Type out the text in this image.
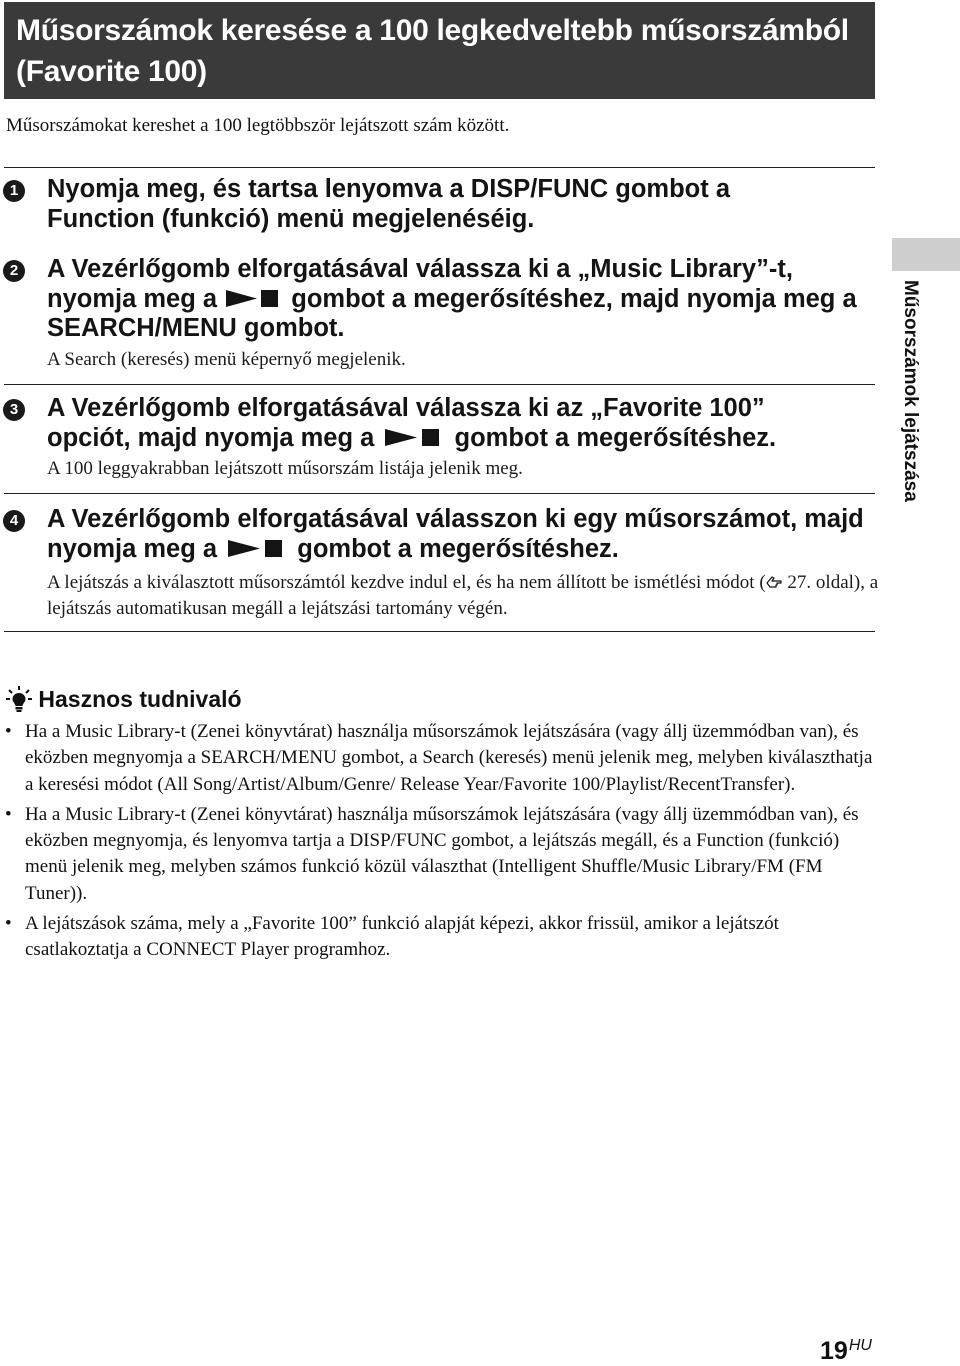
Műsorszámok keresése a 100 legkedveltebb műsorszámból (Favorite 100)
Műsorszámokat kereshet a 100 legtöbbször lejátszott szám között.
1 Nyomja meg, és tartsa lenyomva a DISP/FUNC gombot a Function (funkció) menü megjelenéséig.
2 A Vezérlőgomb elforgatásával válassza ki a „Music Library”-t, nyomja meg a  gombot a megerősítéshez, majd nyomja meg a SEARCH/MENU gombot.
A Search (keresés) menü képernyő megjelenik.
3 A Vezérlőgomb elforgatásával válassza ki az „Favorite 100” opciót, majd nyomja meg a	gombot a megerősítéshez.
A 100 leggyakrabban lejátszott műsorszám listája jelenik meg.
4 A Vezérlőgomb elforgatásával válasszon ki egy műsorszámot, majd nyomja meg a	gombot a megerősítéshez.
A lejátszás a kiválasztott műsorszámtól kezdve indul el, és ha nem állított be ismétlési módot ( 27. oldal), a lejátszás automatikusan megáll a lejátszási tartomány végén.
Műsorszámok lejátszása
Hasznos tudnivaló
• Ha a Music Library-t (Zenei könyvtárat) használja műsorszámok lejátszására (vagy állj üzemmódban van), és eközben megnyomja a SEARCH/MENU gombot, a Search (keresés) menü jelenik meg, melyben kiválaszthatja a keresési módot (All Song/Artist/Album/Genre/ Release Year/Favorite 100/Playlist/RecentTransfer).
• Ha a Music Library-t (Zenei könyvtárat) használja műsorszámok lejátszására (vagy állj üzemmódban van), és eközben megnyomja, és lenyomva tartja a DISP/FUNC gombot, a lejátszás megáll, és a Function (funkció) menü jelenik meg, melyben számos funkció közül választhat (Intelligent Shuffle/Music Library/FM (FM Tuner)).
• A lejátszások száma, mely a „Favorite 100” funkció alapját képezi, akkor frissül, amikor a lejátszót csatlakoztatja a CONNECT Player programhoz.
$19^{HU}$
